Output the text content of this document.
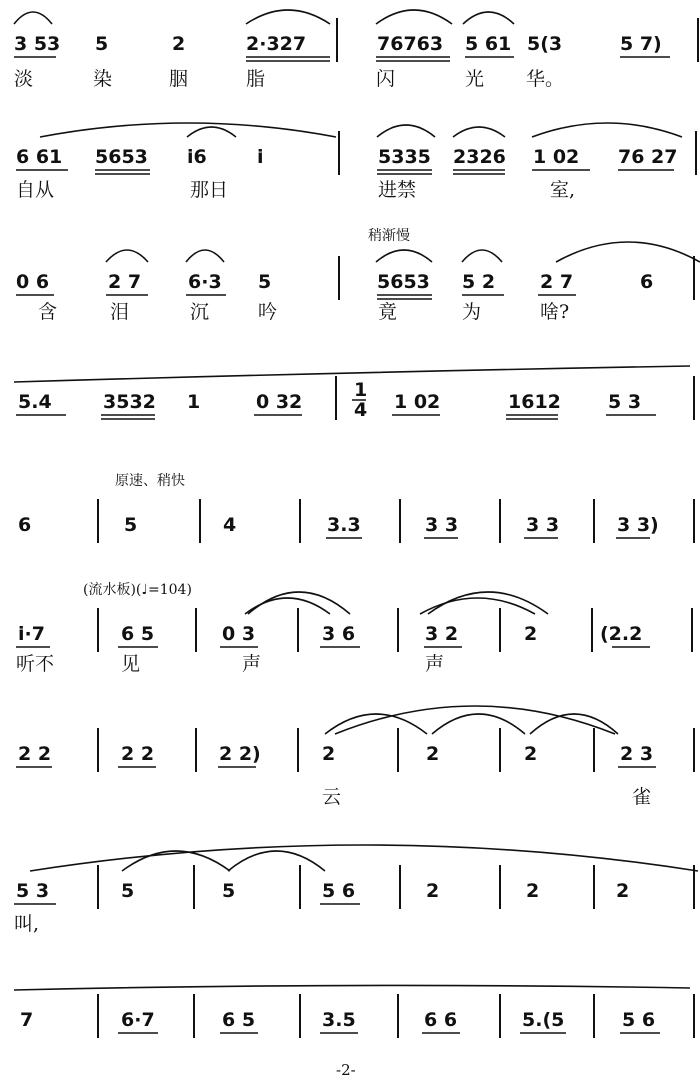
3 53 5	2	2·327	76763 5 61 5(3	5 7)
淡	染	胭	脂	闪	光 华。
6 61 5653 i6	i	5335 2326 1 02 76 27
自从	那日	进禁	室,
0 6	2 7 6·3 5	5653 5 2 2 7	6
含	泪	沉	吟	竟	为	啥?
5.4	3532 1	0 32	1 02	1612 5 3
6	5	4	3.3	3 3	3 3	3 3)
i·7	6 5	0 3	3 6	3 2	2	(2.2
听不	见	声	声
2 2	2 2	2 2)	2	2	2	2 3
云	雀
5 3	5	5	5 6	2	2	2
叫,
7	6·7	6 5	3.5	6 6	5.(5	5 6
稍渐慢
原速、稍快
(流水板)(♩=104)
1
4
-2-
